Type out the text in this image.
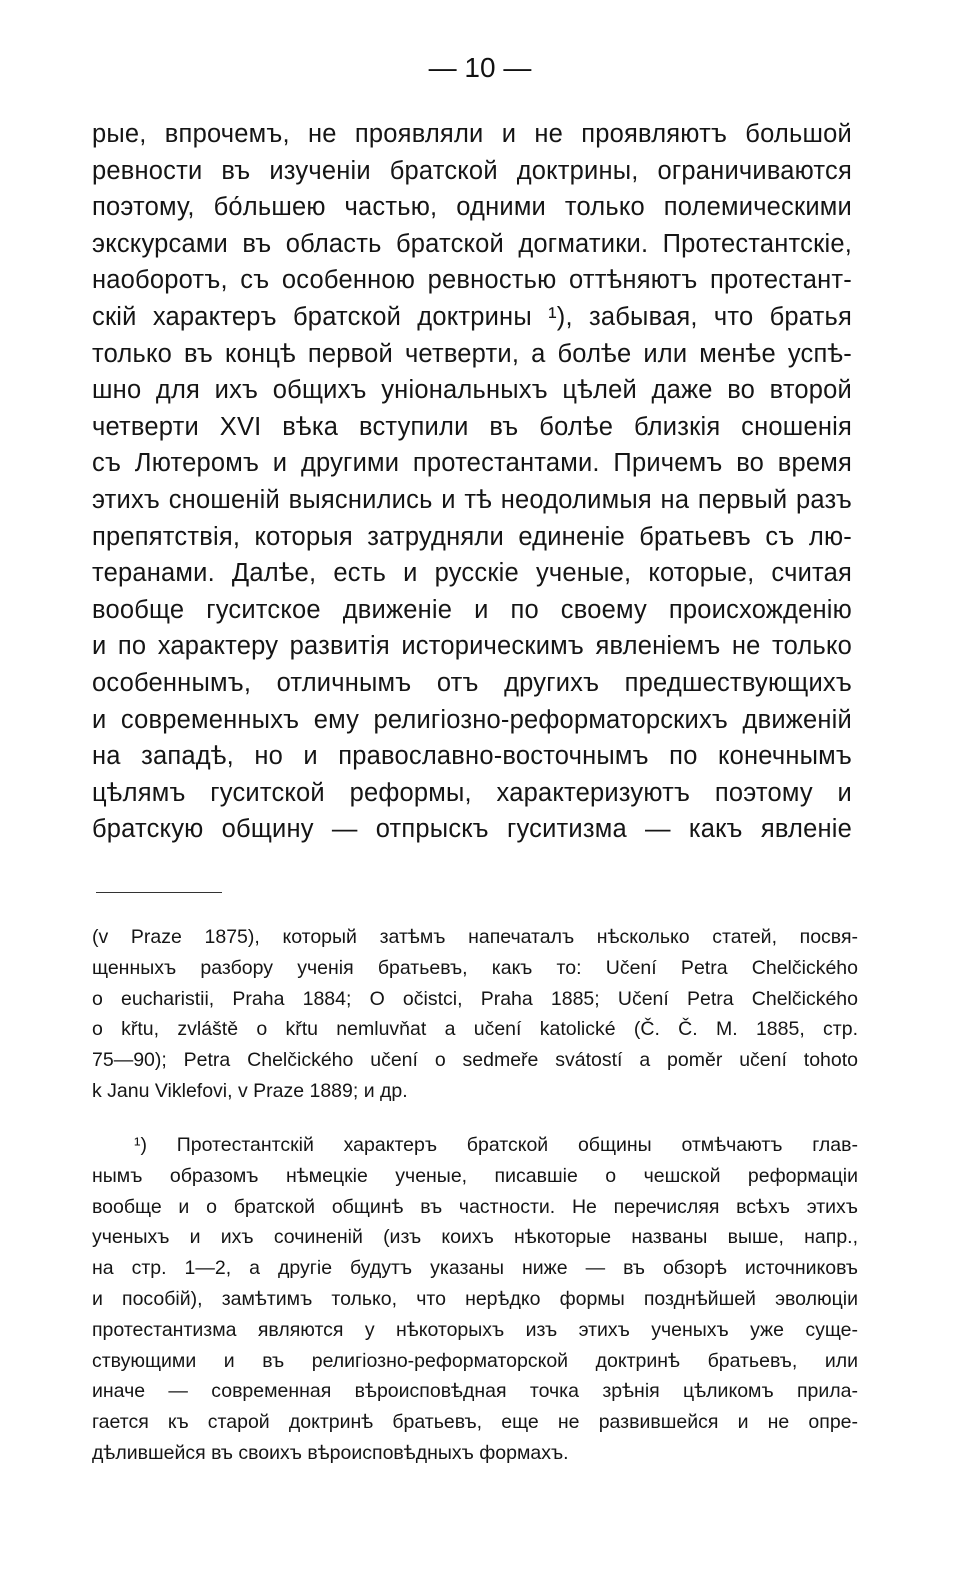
— 10 —
рые, впрочемъ, не проявляли и не проявляютъ большой
ревности въ изученіи братской доктрины, ограничиваются
поэтому, бо́льшею частью, одними только полемическими
экскурсами въ область братской догматики. Протестантскіе,
наоборотъ, съ особенною ревностью оттѣняютъ протестант-
скій характеръ братской доктрины ¹), забывая, что братья
только въ концѣ первой четверти, а болѣе или менѣе успѣ-
шно для ихъ общихъ уніональныхъ цѣлей даже во второй
четверти XVI вѣка вступили въ болѣе близкія сношенія
съ Лютеромъ и другими протестантами. Причемъ во время
этихъ сношеній выяснились и тѣ неодолимыя на первый разъ
препятствія, которыя затрудняли единеніе братьевъ съ лю-
теранами. Далѣе, есть и русскіе ученые, которые, считая
вообще гуситское движеніе и по своему происхожденію
и по характеру развитія историческимъ явленіемъ не только
особеннымъ, отличнымъ отъ другихъ предшествующихъ
и современныхъ ему религіозно-реформаторскихъ движеній
на западѣ, но и православно-восточнымъ по конечнымъ
цѣлямъ гуситской реформы, характеризуютъ поэтому и
братскую общину — отпрыскъ гуситизма — какъ явленіе
(v Praze 1875), который затѣмъ напечаталъ нѣсколько статей, посвя-
щенныхъ разбору ученія братьевъ, какъ то: Učení Petra Chelčického
o eucharistii, Praha 1884; O očistci, Praha 1885; Učení Petra Chelčického
o křtu, zvláště o křtu nemluvňat a učení katolické (Č. Č. M. 1885, стр.
75—90); Petra Chelčického učení o sedmeře svátostí a poměr učení tohoto
k Janu Viklefovi, v Praze 1889; и др.
¹) Протестантскій характеръ братской общины отмѣчаютъ глав-
нымъ образомъ нѣмецкіе ученые, писавшіе о чешской реформаціи
вообще и о братской общинѣ въ частности. Не перечисляя всѣхъ этихъ
ученыхъ и ихъ сочиненій (изъ коихъ нѣкоторые названы выше, напр.,
на стр. 1—2, а другіе будутъ указаны ниже — въ обзорѣ источниковъ
и пособій), замѣтимъ только, что нерѣдко формы позднѣйшей эволюціи
протестантизма являются у нѣкоторыхъ изъ этихъ ученыхъ уже суще-
ствующими и въ религіозно-реформаторской доктринѣ братьевъ, или
иначе — современная вѣроисповѣдная точка зрѣнія цѣликомъ прила-
гается къ старой доктринѣ братьевъ, еще не развившейся и не опре-
дѣлившейся въ своихъ вѣроисповѣдныхъ формахъ.
